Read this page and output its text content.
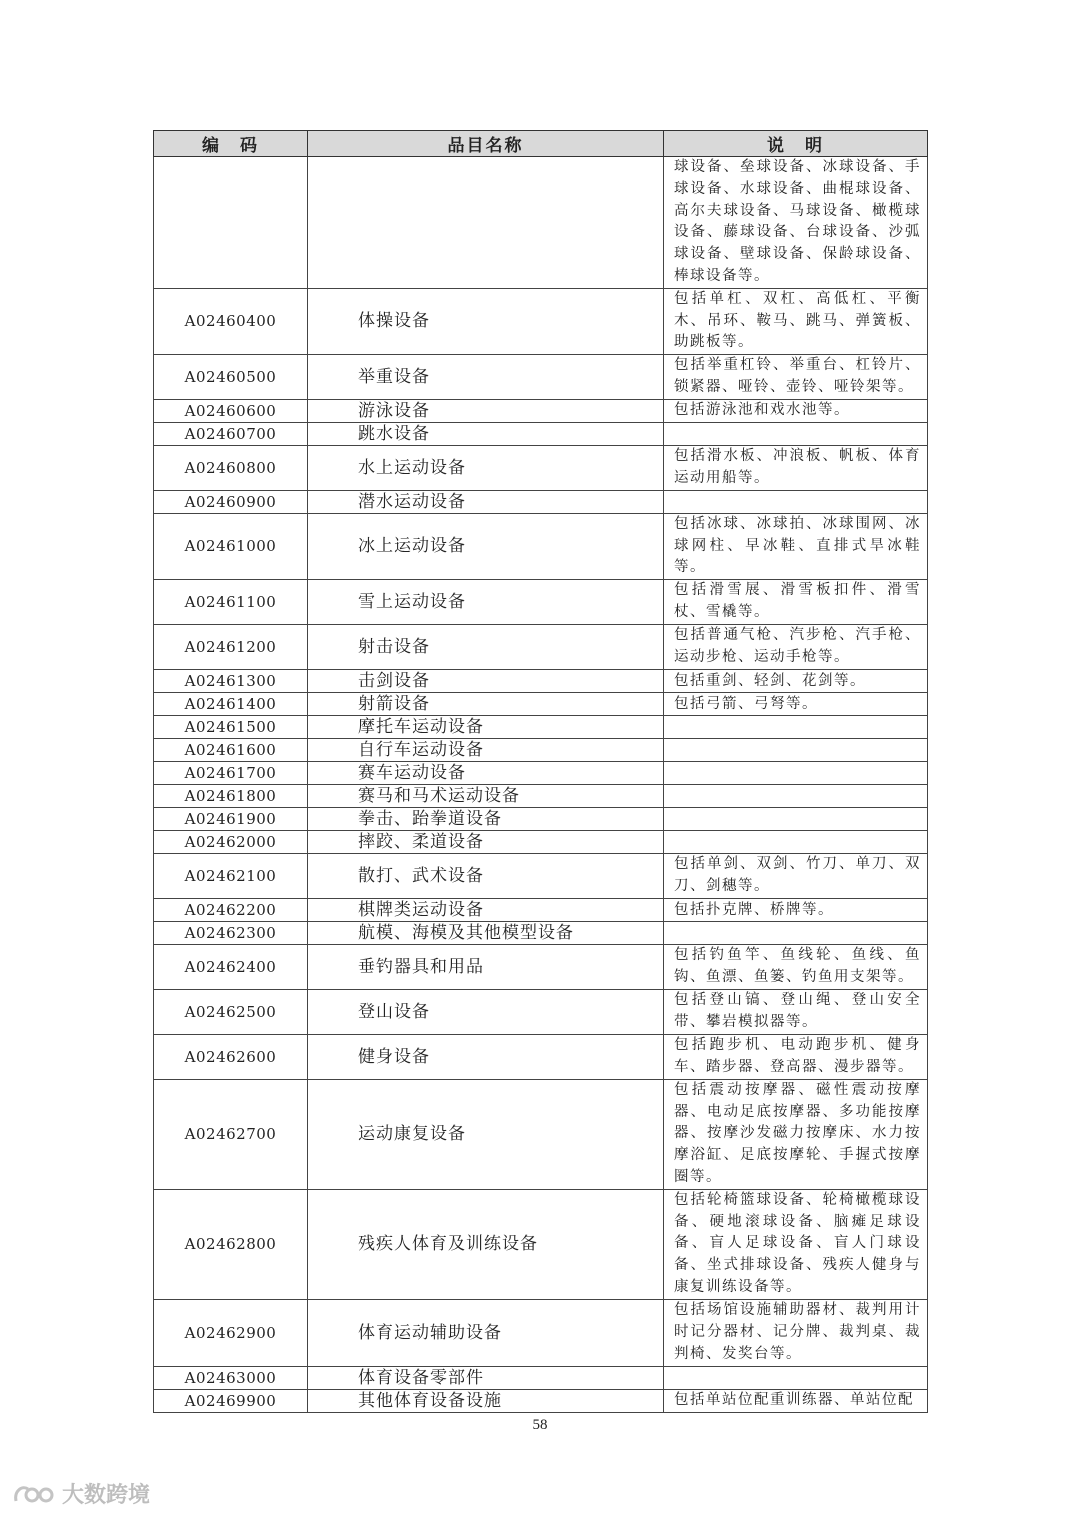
编　码	品目名称	说　明
		球设备、垒球设备、冰球设备、手球设备、水球设备、曲棍球设备、高尔夫球设备、马球设备、橄榄球设备、藤球设备、台球设备、沙弧球设备、壁球设备、保龄球设备、棒球设备等。
A02460400	体操设备	包括单杠、双杠、高低杠、平衡木、吊环、鞍马、跳马、弹簧板、助跳板等。
A02460500	举重设备	包括举重杠铃、举重台、杠铃片、锁紧器、哑铃、壶铃、哑铃架等。
A02460600	游泳设备	包括游泳池和戏水池等。
A02460700	跳水设备	
A02460800	水上运动设备	包括滑水板、冲浪板、帆板、体育运动用船等。
A02460900	潜水运动设备	
A02461000	冰上运动设备	包括冰球、冰球拍、冰球围网、冰球网柱、早冰鞋、直排式旱冰鞋等。
A02461100	雪上运动设备	包括滑雪展、滑雪板扣件、滑雪杖、雪橇等。
A02461200	射击设备	包括普通气枪、汽步枪、汽手枪、运动步枪、运动手枪等。
A02461300	击剑设备	包括重剑、轻剑、花剑等。
A02461400	射箭设备	包括弓箭、弓弩等。
A02461500	摩托车运动设备	
A02461600	自行车运动设备	
A02461700	赛车运动设备	
A02461800	赛马和马术运动设备	
A02461900	拳击、跆拳道设备	
A02462000	摔跤、柔道设备	
A02462100	散打、武术设备	包括单剑、双剑、竹刀、单刀、双刀、剑穗等。
A02462200	棋牌类运动设备	包括扑克牌、桥牌等。
A02462300	航模、海模及其他模型设备	
A02462400	垂钓器具和用品	包括钓鱼竿、鱼线轮、鱼线、鱼钩、鱼漂、鱼篓、钓鱼用支架等。
A02462500	登山设备	包括登山镐、登山绳、登山安全带、攀岩模拟器等。
A02462600	健身设备	包括跑步机、电动跑步机、健身车、踏步器、登高器、漫步器等。
A02462700	运动康复设备	包括震动按摩器、磁性震动按摩器、电动足底按摩器、多功能按摩器、按摩沙发磁力按摩床、水力按摩浴缸、足底按摩轮、手握式按摩圈等。
A02462800	残疾人体育及训练设备	包括轮椅篮球设备、轮椅橄榄球设备、硬地滚球设备、脑瘫足球设备、盲人足球设备、盲人门球设备、坐式排球设备、残疾人健身与康复训练设备等。
A02462900	体育运动辅助设备	包括场馆设施辅助器材、裁判用计时记分器材、记分牌、裁判桌、裁判椅、发奖台等。
A02463000	体育设备零部件	
A02469900	其他体育设备设施	包括单站位配重训练器、单站位配
58
大数跨境
